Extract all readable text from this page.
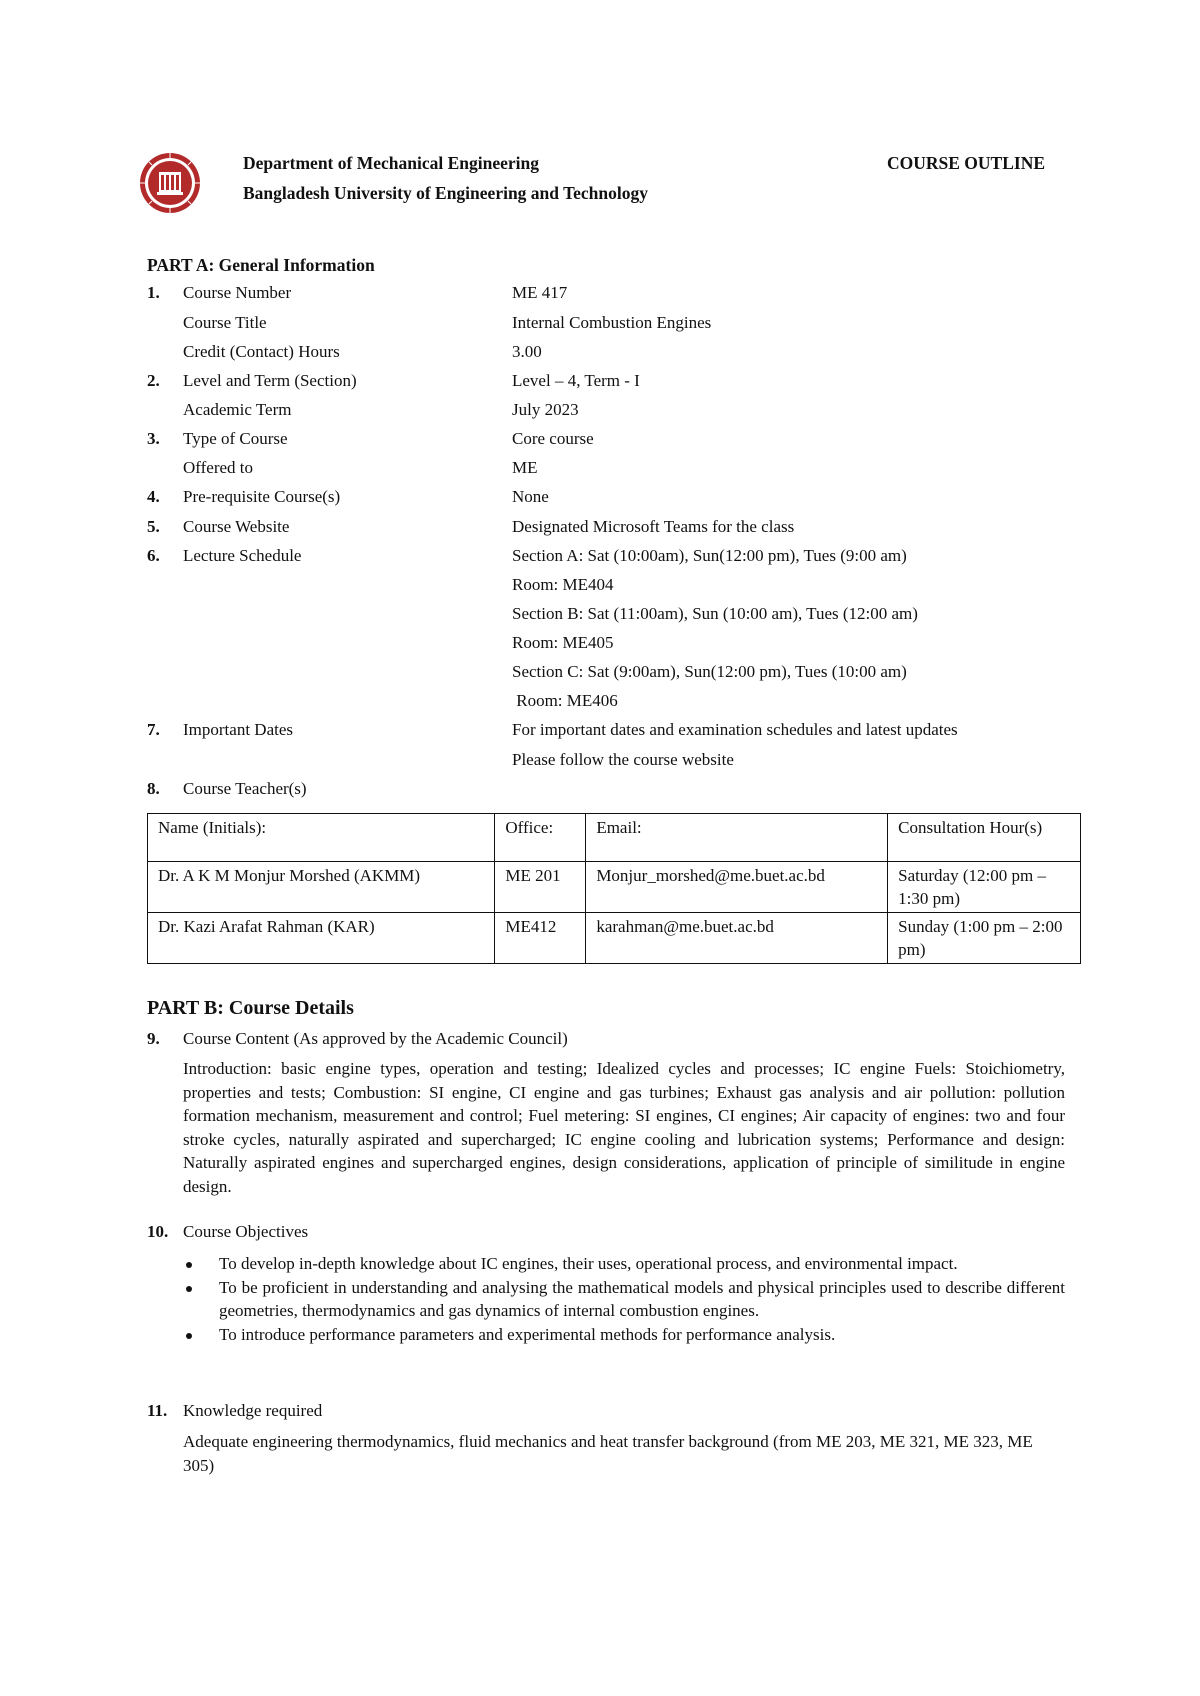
Department of Mechanical Engineering
Bangladesh University of Engineering and Technology
COURSE OUTLINE
PART A: General Information
1. Course Number	ME 417
Course Title	Internal Combustion Engines
Credit (Contact) Hours	3.00
2. Level and Term (Section)	Level – 4, Term - I
Academic Term	July 2023
3. Type of Course	Core course
Offered to	ME
4. Pre-requisite Course(s)	None
5. Course Website	Designated Microsoft Teams for the class
6. Lecture Schedule	Section A: Sat (10:00am), Sun(12:00 pm), Tues (9:00 am)
Room: ME404
Section B: Sat (11:00am), Sun (10:00 am), Tues (12:00 am)
Room: ME405
Section C: Sat (9:00am), Sun(12:00 pm), Tues (10:00 am)
Room: ME406
7. Important Dates	For important dates and examination schedules and latest updates
Please follow the course website
8. Course Teacher(s)
Name (Initials):	Office:	Email:	Consultation Hour(s)
Dr. A K M Monjur Morshed (AKMM)	ME 201	Monjur_morshed@me.buet.ac.bd	Saturday (12:00 pm –1:30 pm)
Dr. Kazi Arafat Rahman (KAR)	ME412	karahman@me.buet.ac.bd	Sunday (1:00 pm – 2:00 pm)
PART B: Course Details
9. Course Content (As approved by the Academic Council)
Introduction: basic engine types, operation and testing; Idealized cycles and processes; IC engine Fuels: Stoichiometry, properties and tests; Combustion: SI engine, CI engine and gas turbines; Exhaust gas analysis and air pollution: pollution formation mechanism, measurement and control; Fuel metering: SI engines, CI engines; Air capacity of engines: two and four stroke cycles, naturally aspirated and supercharged; IC engine cooling and lubrication systems; Performance and design: Naturally aspirated engines and supercharged engines, design considerations, application of principle of similitude in engine design.
10. Course Objectives
To develop in-depth knowledge about IC engines, their uses, operational process, and environmental impact.
To be proficient in understanding and analysing the mathematical models and physical principles used to describe different geometries, thermodynamics and gas dynamics of internal combustion engines.
To introduce performance parameters and experimental methods for performance analysis.
11. Knowledge required
Adequate engineering thermodynamics, fluid mechanics and heat transfer background (from ME 203, ME 321, ME 323, ME 305)
